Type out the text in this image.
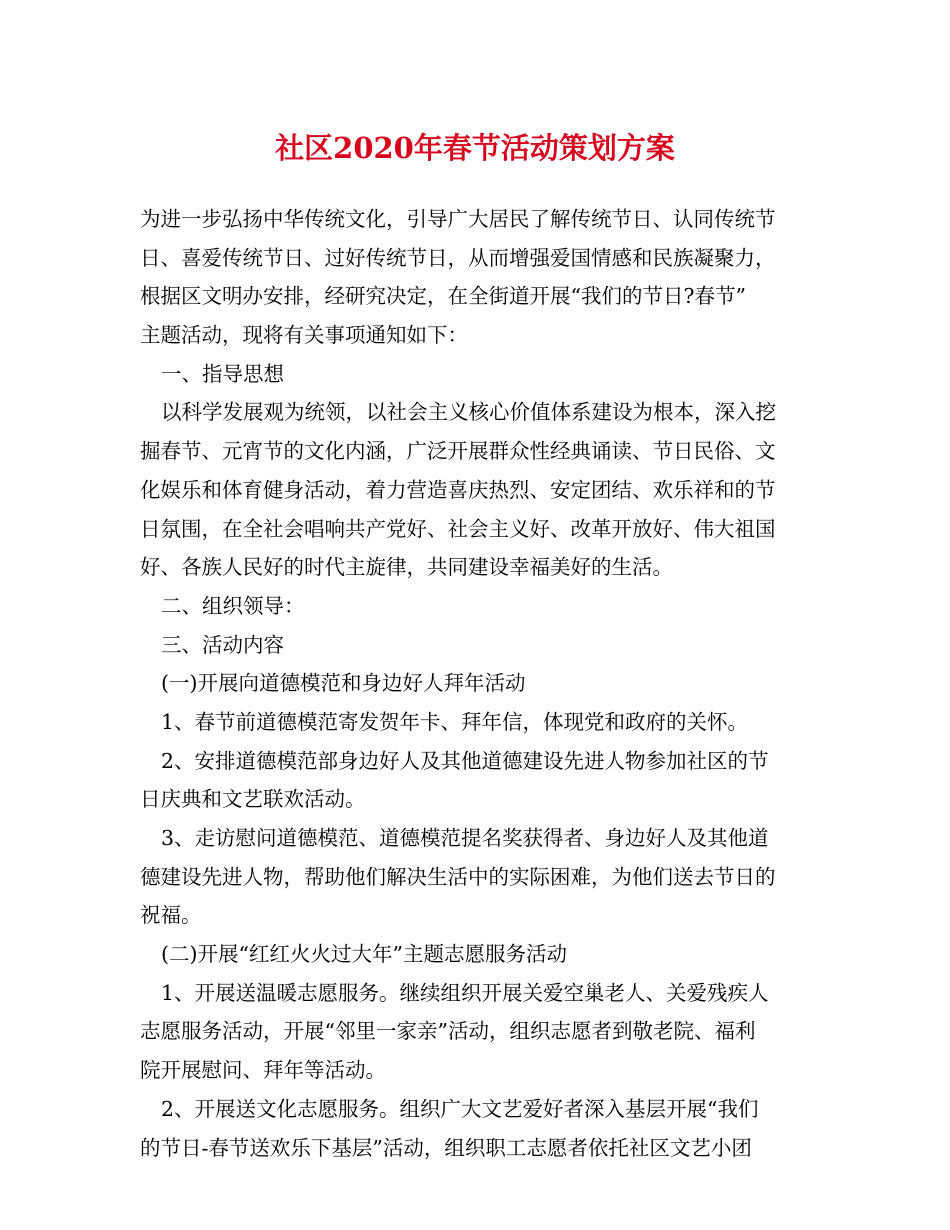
社区2020年春节活动策划方案
为进一步弘扬中华传统文化，引导广大居民了解传统节日、认同传统节
日、喜爱传统节日、过好传统节日，从而增强爱国情感和民族凝聚力，
根据区文明办安排，经研究决定，在全街道开展“我们的节日?春节”
主题活动，现将有关事项通知如下：
一、指导思想
以科学发展观为统领，以社会主义核心价值体系建设为根本，深入挖
掘春节、元宵节的文化内涵，广泛开展群众性经典诵读、节日民俗、文
化娱乐和体育健身活动，着力营造喜庆热烈、安定团结、欢乐祥和的节
日氛围，在全社会唱响共产党好、社会主义好、改革开放好、伟大祖国
好、各族人民好的时代主旋律，共同建设幸福美好的生活。
二、组织领导：
三、活动内容
(一)开展向道德模范和身边好人拜年活动
1、春节前道德模范寄发贺年卡、拜年信，体现党和政府的关怀。
2、安排道德模范部身边好人及其他道德建设先进人物参加社区的节
日庆典和文艺联欢活动。
3、走访慰问道德模范、道德模范提名奖获得者、身边好人及其他道
德建设先进人物，帮助他们解决生活中的实际困难，为他们送去节日的
祝福。
(二)开展“红红火火过大年”主题志愿服务活动
1、开展送温暖志愿服务。继续组织开展关爱空巢老人、关爱残疾人
志愿服务活动，开展“邻里一家亲”活动，组织志愿者到敬老院、福利
院开展慰问、拜年等活动。
2、开展送文化志愿服务。组织广大文艺爱好者深入基层开展“我们
的节日-春节送欢乐下基层”活动，组织职工志愿者依托社区文艺小团
